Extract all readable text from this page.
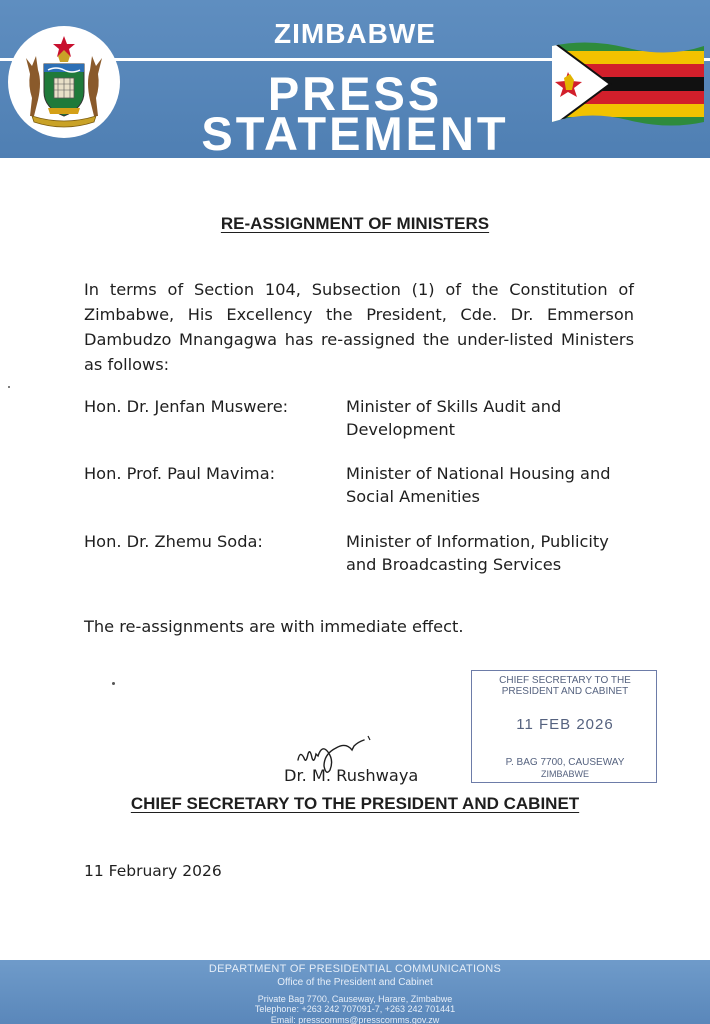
ZIMBABWE
PRESS
STATEMENT
RE-ASSIGNMENT OF MINISTERS

In terms of Section 104, Subsection (1) of the Constitution of Zimbabwe, His Excellency the President, Cde. Dr. Emmerson Dambudzo Mnangagwa has re-assigned the under-listed Ministers as follows:

Hon. Dr. Jenfan Muswere:	Minister of Skills Audit and
Development
Hon. Prof. Paul Mavima:	Minister of National Housing and
Social Amenities
Hon. Dr. Zhemu Soda:	Minister of Information, Publicity
and Broadcasting Services
The re-assignments are with immediate effect.
CHIEF SECRETARY TO THE
PRESIDENT AND CABINET
11 FEB 2026
P. BAG 7700, CAUSEWAY
ZIMBABWE
Dr. M. Rushwaya
CHIEF SECRETARY TO THE PRESIDENT AND CABINET
11 February 2026
DEPARTMENT OF PRESIDENTIAL COMMUNICATIONS
Office of the President and Cabinet
Private Bag 7700, Causeway, Harare, Zimbabwe
Telephone: +263 242 707091-7, +263 242 701441
Email: presscomms@presscomms.gov.zw
